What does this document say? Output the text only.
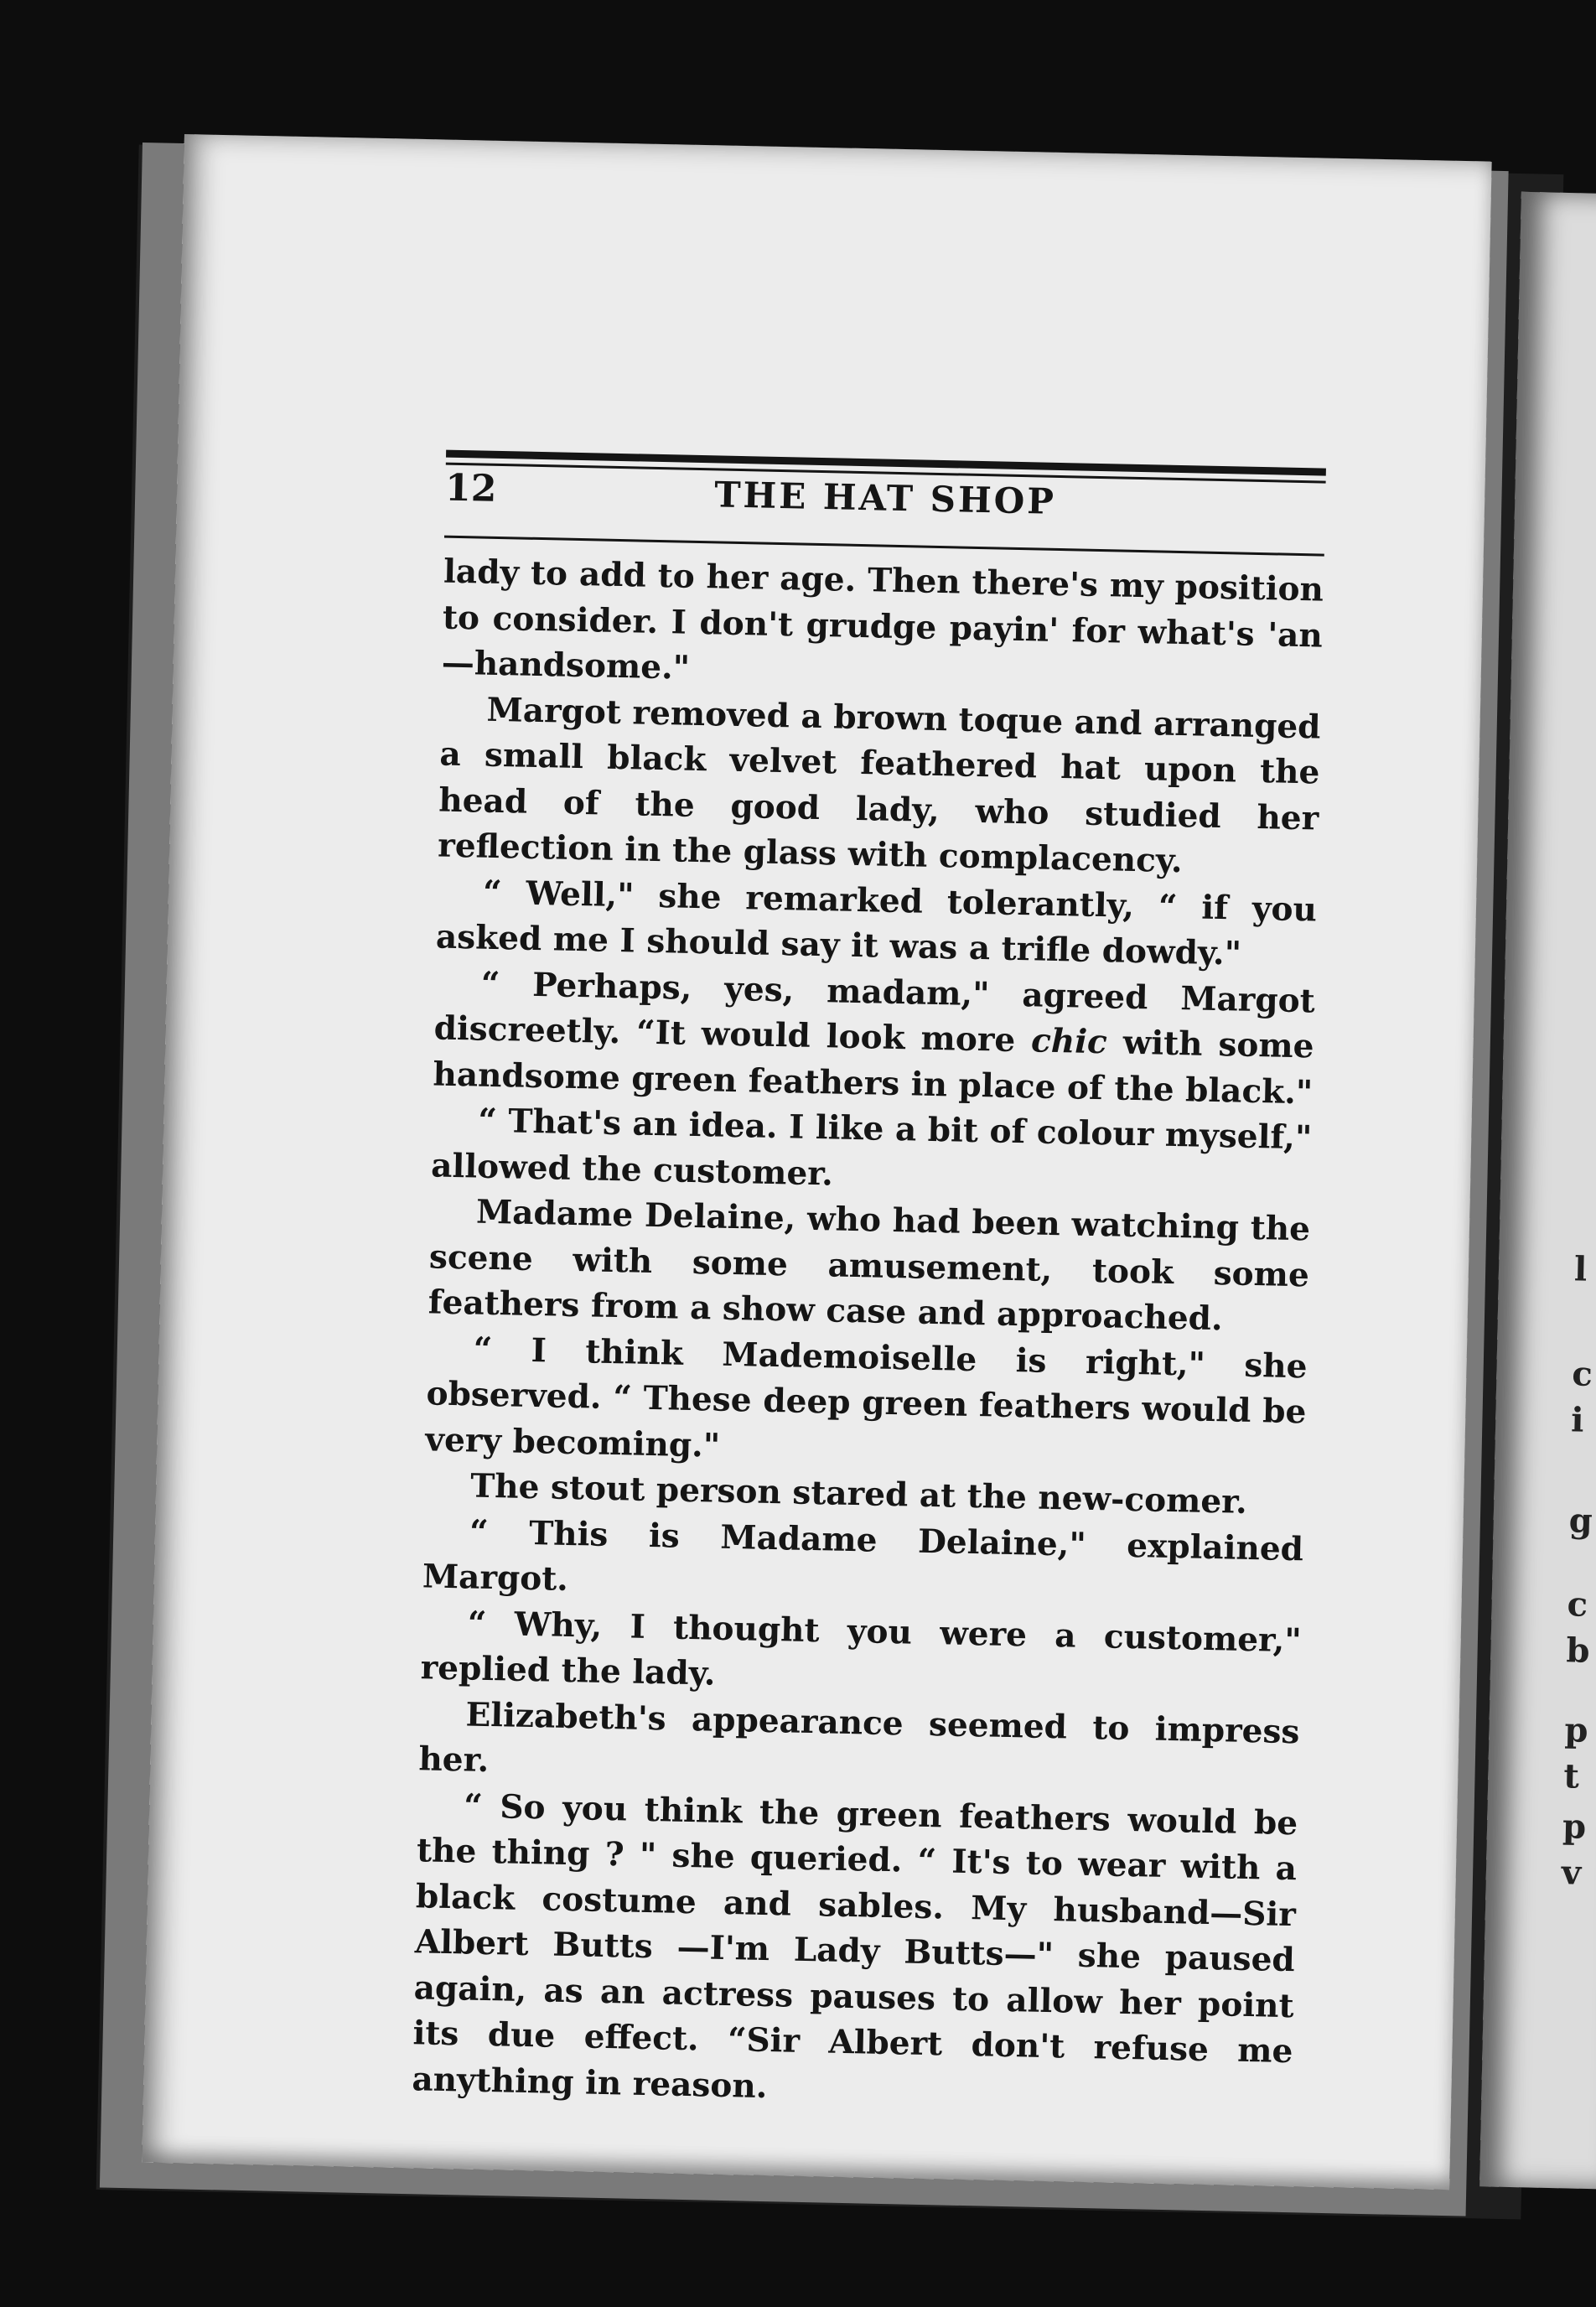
l
c
i
g
c
b
p
t
p
v
12	THE HAT SHOP

lady to add to her age. Then there's my position to consider. I don't grudge payin' for what's 'an—handsome."

Margot removed a brown toque and arranged a small black velvet feathered hat upon the head of the good lady, who studied her reflection in the glass with complacency.

“ Well," she remarked tolerantly, “ if you asked me I should say it was a trifle dowdy."

“ Perhaps, yes, madam," agreed Margot discreetly. “It would look more chic with some handsome green feathers in place of the black."

“ That's an idea. I like a bit of colour myself," allowed the customer.

Madame Delaine, who had been watching the scene with some amusement, took some feathers from a show case and approached.

“ I think Mademoiselle is right," she observed. “ These deep green feathers would be very becoming."

The stout person stared at the new-comer.

“ This is Madame Delaine," explained Margot.

“ Why, I thought you were a customer," replied the lady.

Elizabeth's appearance seemed to impress her.

“ So you think the green feathers would be the thing ? " she queried. “ It's to wear with a black costume and sables. My husband—Sir Albert Butts —I'm Lady Butts—" she paused again, as an actress pauses to allow her point its due effect. “Sir Albert don't refuse me anything in reason.
